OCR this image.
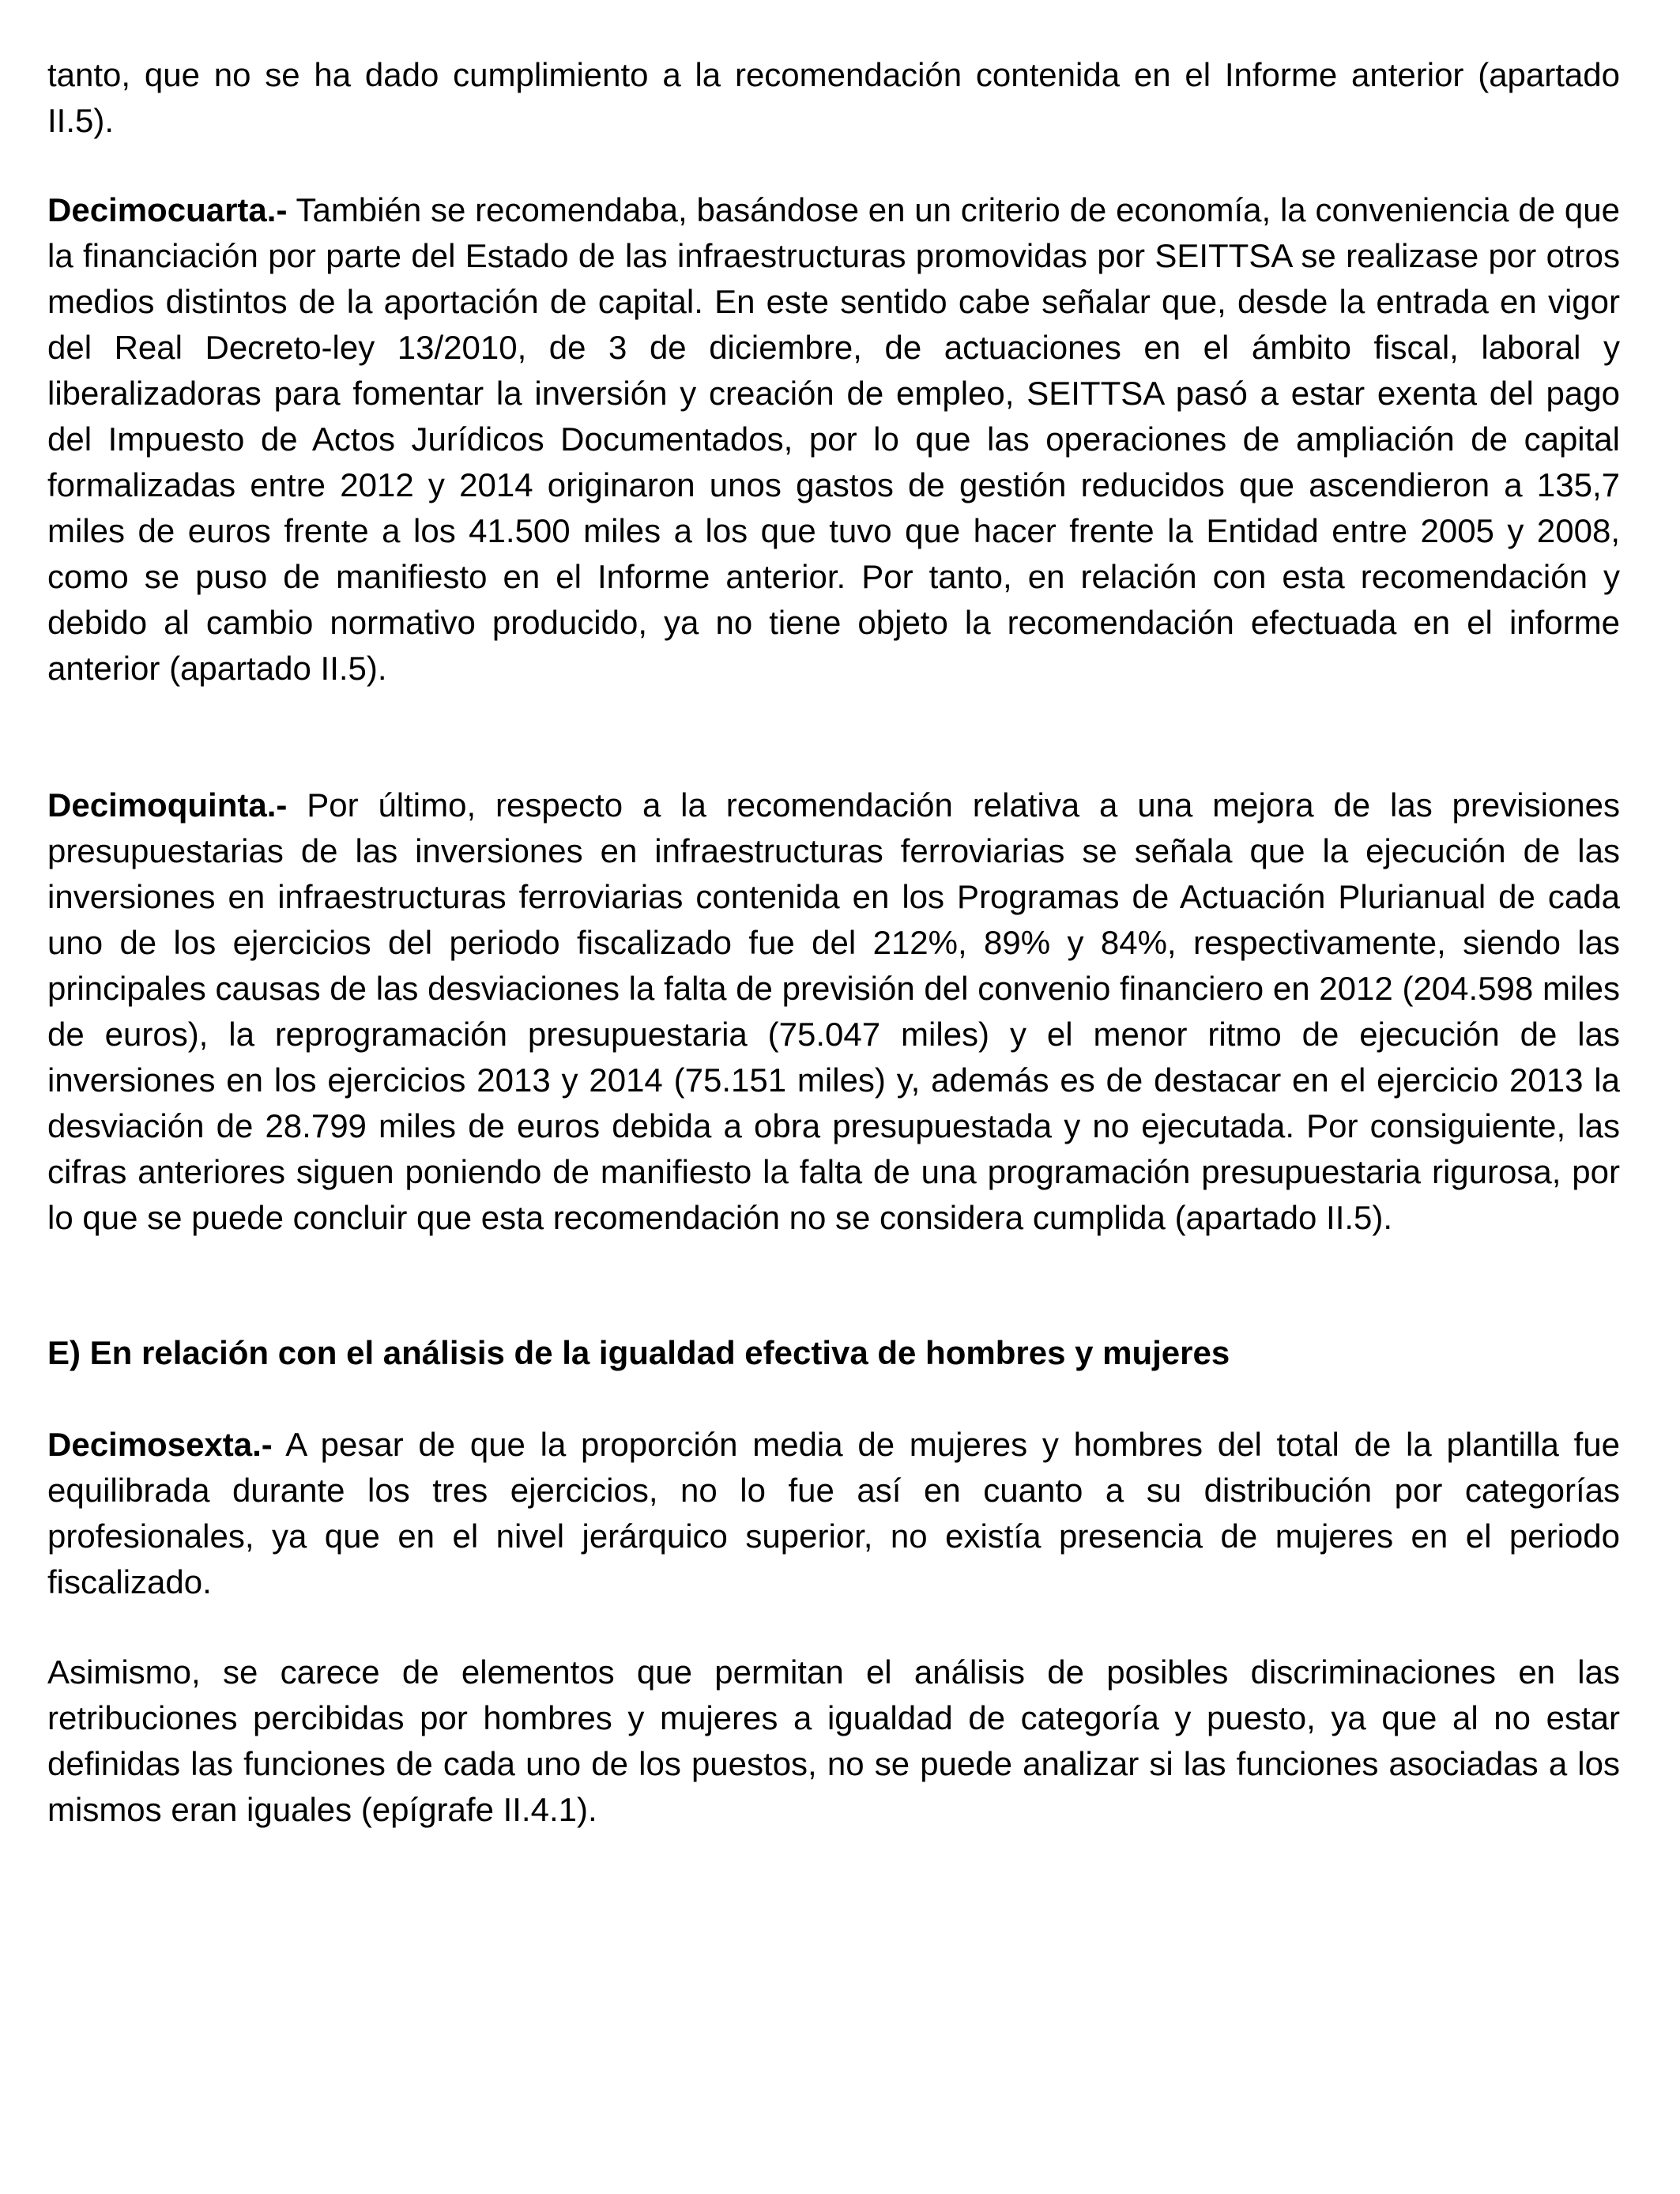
tanto, que no se ha dado cumplimiento a la recomendación contenida en el Informe anterior (apartado II.5).

Decimocuarta.- También se recomendaba, basándose en un criterio de economía, la conveniencia de que la financiación por parte del Estado de las infraestructuras promovidas por SEITTSA se realizase por otros medios distintos de la aportación de capital. En este sentido cabe señalar que, desde la entrada en vigor del Real Decreto-ley 13/2010, de 3 de diciembre, de actuaciones en el ámbito fiscal, laboral y liberalizadoras para fomentar la inversión y creación de empleo, SEITTSA pasó a estar exenta del pago del Impuesto de Actos Jurídicos Documentados, por lo que las operaciones de ampliación de capital formalizadas entre 2012 y 2014 originaron unos gastos de gestión reducidos que ascendieron a 135,7 miles de euros frente a los 41.500 miles a los que tuvo que hacer frente la Entidad entre 2005 y 2008, como se puso de manifiesto en el Informe anterior. Por tanto, en relación con esta recomendación y debido al cambio normativo producido, ya no tiene objeto la recomendación efectuada en el informe anterior (apartado II.5).

Decimoquinta.- Por último, respecto a la recomendación relativa a una mejora de las previsiones presupuestarias de las inversiones en infraestructuras ferroviarias se señala que la ejecución de las inversiones en infraestructuras ferroviarias contenida en los Programas de Actuación Plurianual de cada uno de los ejercicios del periodo fiscalizado fue del 212%, 89% y 84%, respectivamente, siendo las principales causas de las desviaciones la falta de previsión del convenio financiero en 2012 (204.598 miles de euros), la reprogramación presupuestaria (75.047 miles) y el menor ritmo de ejecución de las inversiones en los ejercicios 2013 y 2014 (75.151 miles) y, además es de destacar en el ejercicio 2013 la desviación de 28.799 miles de euros debida a obra presupuestada y no ejecutada. Por consiguiente, las cifras anteriores siguen poniendo de manifiesto la falta de una programación presupuestaria rigurosa, por lo que se puede concluir que esta recomendación no se considera cumplida (apartado II.5).

E) En relación con el análisis de la igualdad efectiva de hombres y mujeres

Decimosexta.- A pesar de que la proporción media de mujeres y hombres del total de la plantilla fue equilibrada durante los tres ejercicios, no lo fue así en cuanto a su distribución por categorías profesionales, ya que en el nivel jerárquico superior, no existía presencia de mujeres en el periodo fiscalizado.

Asimismo, se carece de elementos que permitan el análisis de posibles discriminaciones en las retribuciones percibidas por hombres y mujeres a igualdad de categoría y puesto, ya que al no estar definidas las funciones de cada uno de los puestos, no se puede analizar si las funciones asociadas a los mismos eran iguales (epígrafe II.4.1).
